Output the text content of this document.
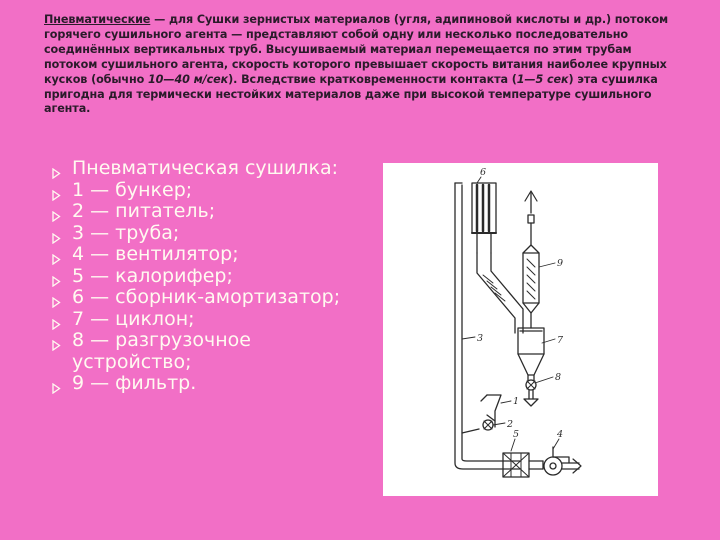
Пневматические — для Сушки зернистых материалов (угля, адипиновой кислоты и др.) потоком горячего сушильного агента — представляют собой одну или несколько последовательно соединённых вертикальных труб. Высушиваемый материал перемещается по этим трубам потоком сушильного агента, скорость которого превышает скорость витания наиболее крупных кусков (обычно 10—40 м/сек). Вследствие кратковременности контакта (1—5 сек) эта сушилка пригодна для термически нестойких материалов даже при высокой температуре сушильного агента.
Пневматическая сушилка:
1 — бункер;
2 — питатель;
3 — труба;
4 — вентилятор;
5 — калорифер;
6 — сборник-амортизатор;
7 — циклон;
8 — разгрузочное устройство;
9 — фильтр.
6
9
7
8
3
1
2
5	4
